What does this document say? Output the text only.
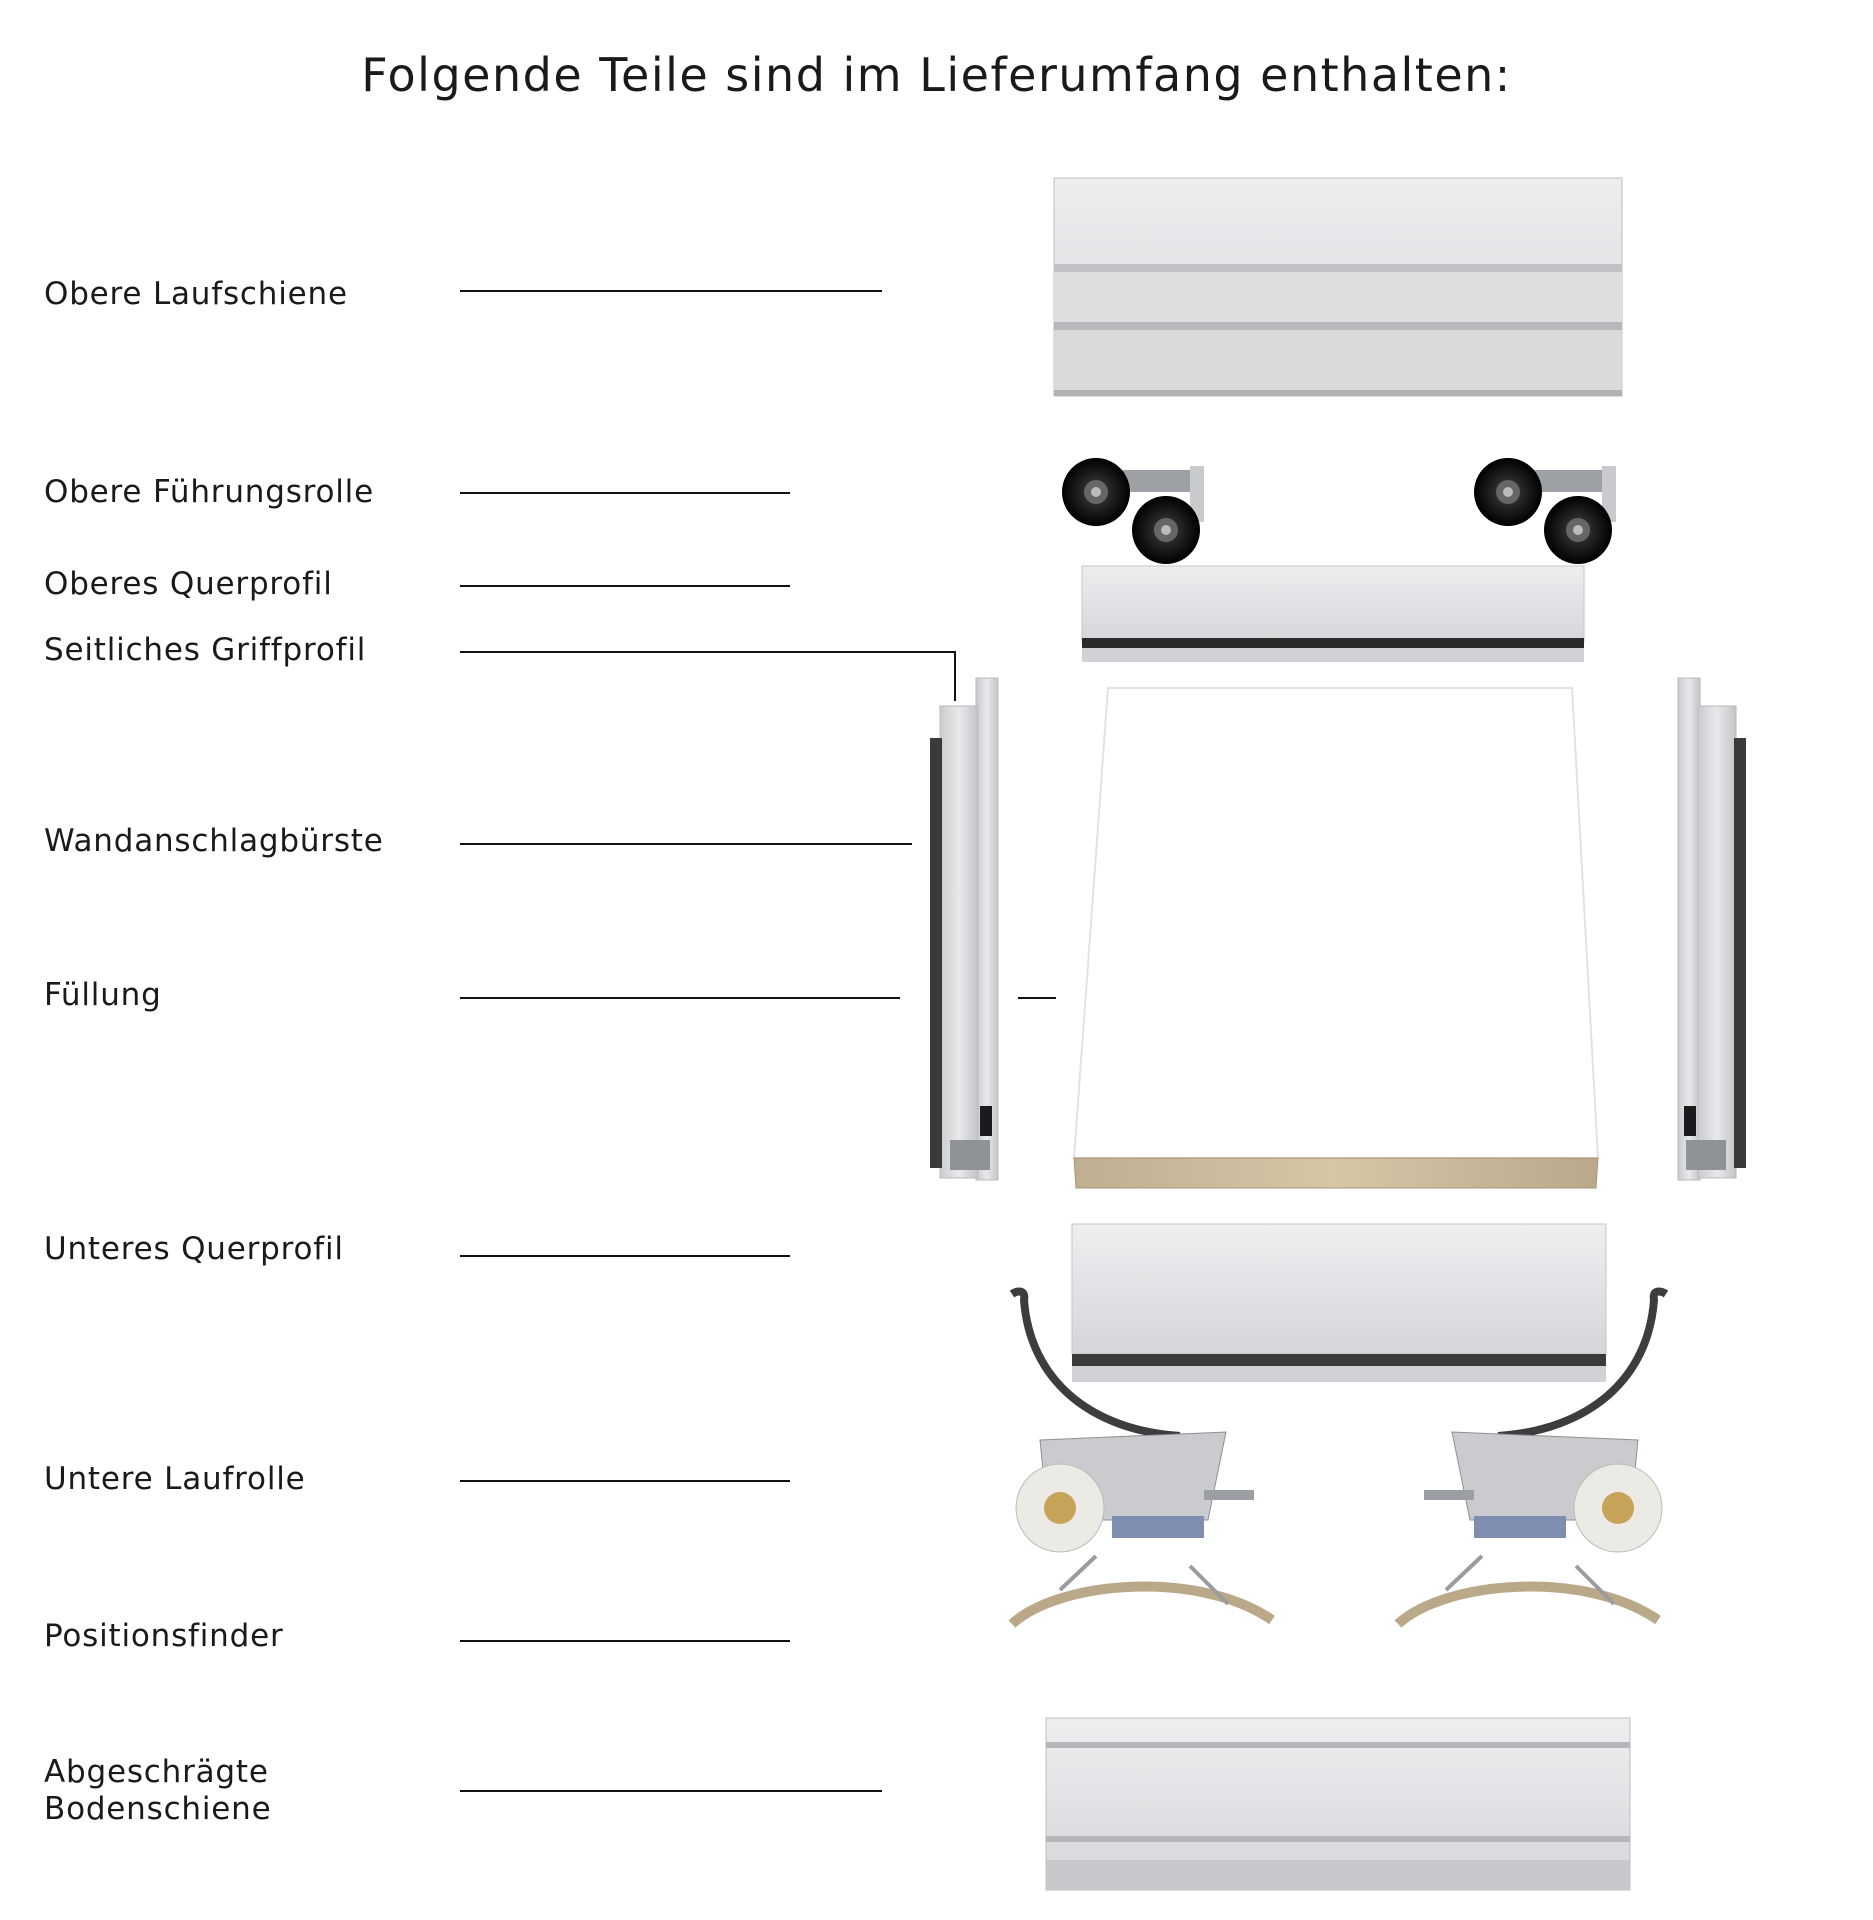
Folgende Teile sind im Lieferumfang enthalten:
Obere Laufschiene
Obere Führungsrolle
Oberes Querprofil
Seitliches Griffprofil
Wandanschlagbürste
Füllung
Unteres Querprofil
Untere Laufrolle
Positionsfinder
Abgeschrägte
Bodenschiene
